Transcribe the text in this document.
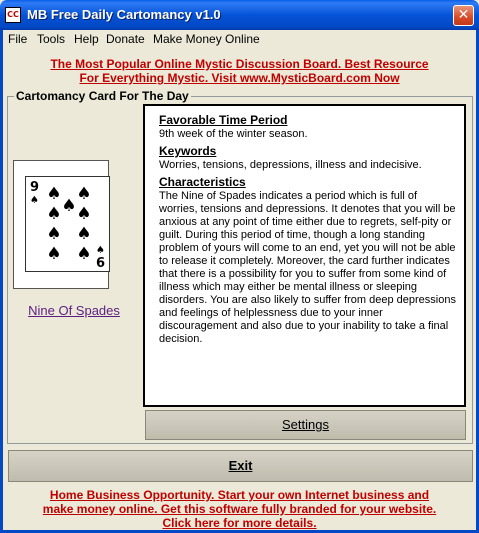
CC MB Free Daily Cartomancy v1.0	✕
File Tools Help Donate Make Money Online
The Most Popular Online Mystic Discussion Board. Best Resource
For Everything Mystic. Visit www.MysticBoard.com Now
Cartomancy Card For The Day
9
♠ ♠ ♠
♠ ♠
♠
♠ ♠
♠ ♠ 6
♠
Nine Of Spades
Favorable Time Period
9th week of the winter season.
Keywords
Worries, tensions, depressions, illness and indecisive.
Characteristics
The Nine of Spades indicates a period which is full of worries, tensions and depressions. It denotes that you will be anxious at any point of time either due to regrets, self-pity or guilt. During this period of time, though a long standing problem of yours will come to an end, yet you will not be able to release it completely. Moreover, the card further indicates that there is a possibility for you to suffer from some kind of illness which may either be mental illness or sleeping disorders. You are also likely to suffer from deep depressions and feelings of helplessness due to your inner discouragement and also due to your inability to take a final decision.
Settings
Exit
Home Business Opportunity. Start your own Internet business and
make money online. Get this software fully branded for your website.
Click here for more details.
